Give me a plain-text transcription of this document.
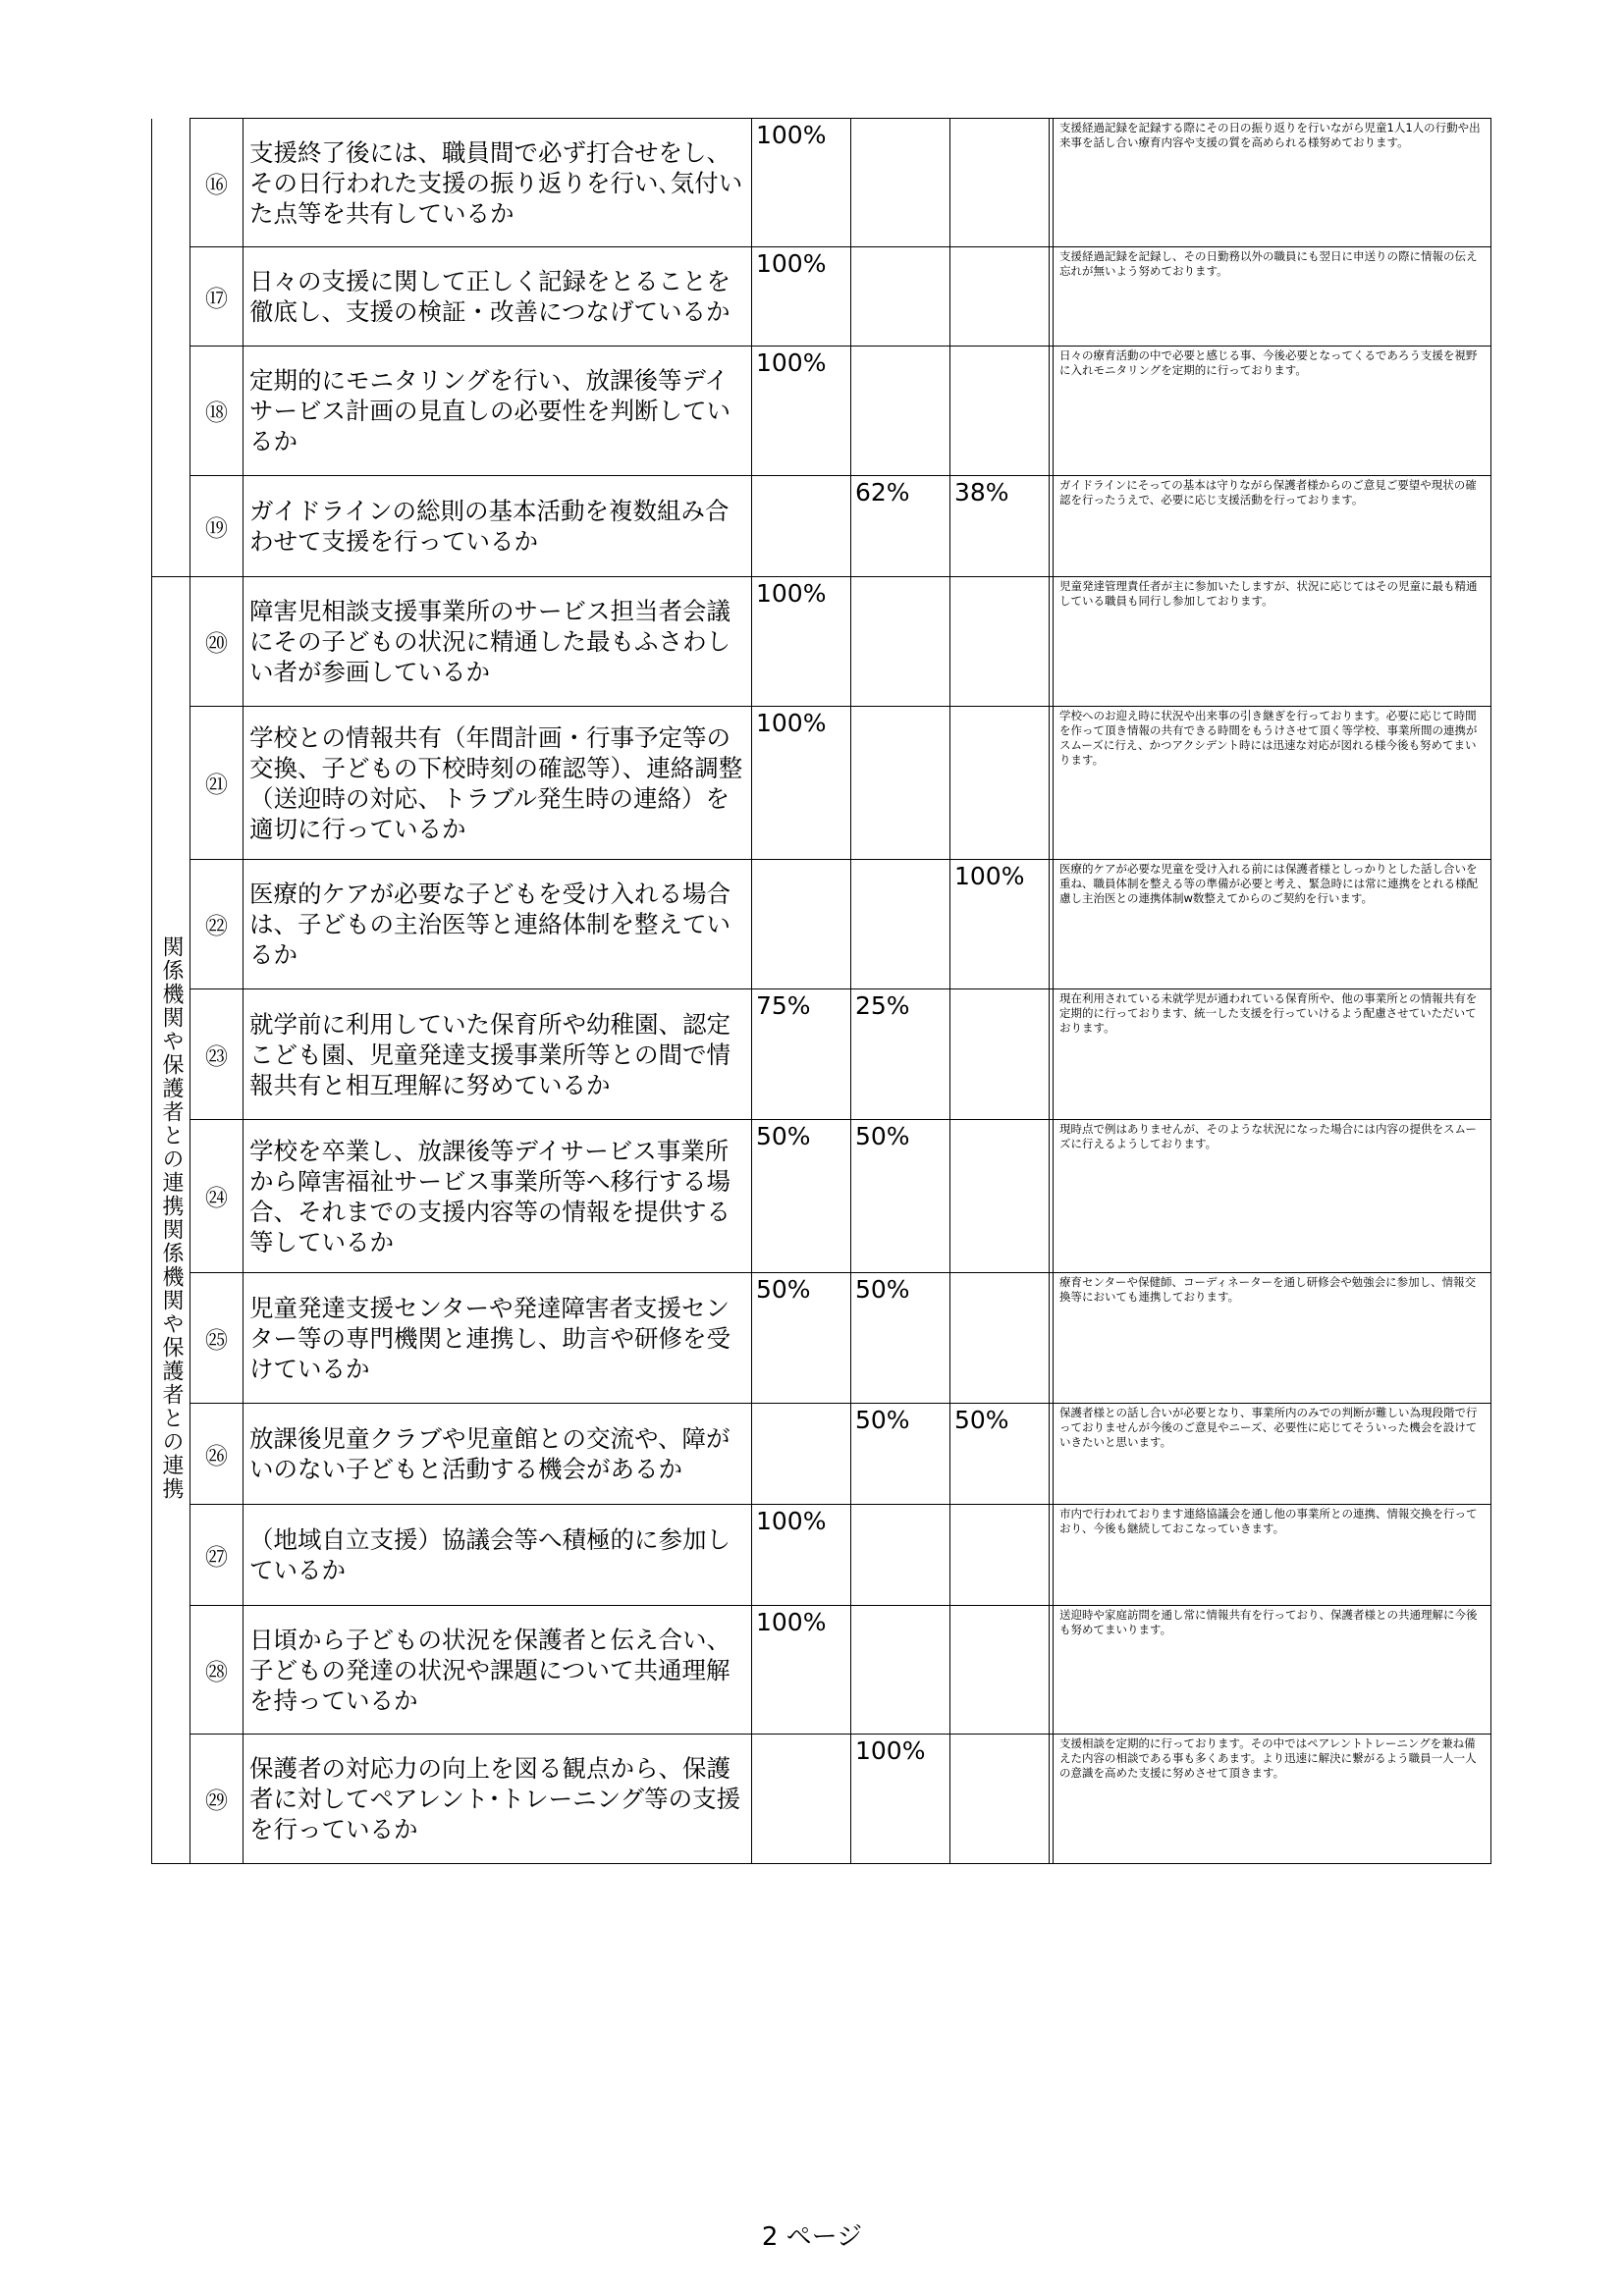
	⑯	支援終了後には、職員間で必ず打合せをし、その日行われた支援の振り返りを行い､気付いた点等を共有しているか	100%				支援経過記録を記録する際にその日の振り返りを行いながら児童1人1人の行動や出来事を話し合い療育内容や支援の質を高められる様努めております。
	⑰	日々の支援に関して正しく記録をとることを徹底し、支援の検証・改善につなげているか	100%				支援経過記録を記録し、その日勤務以外の職員にも翌日に申送りの際に情報の伝え忘れが無いよう努めております。
	⑱	定期的にモニタリングを行い、放課後等デイサービス計画の見直しの必要性を判断しているか	100%				日々の療育活動の中で必要と感じる事、今後必要となってくるであろう支援を視野に入れモニタリングを定期的に行っております。
	⑲	ガイドラインの総則の基本活動を複数組み合わせて支援を行っているか		62%	38%		ガイドラインにそっての基本は守りながら保護者様からのご意見ご要望や現状の確認を行ったうえで、必要に応じ支援活動を行っております。
関係機関や保護者との連携関係機関や保護者との連携	⑳	障害児相談支援事業所のサービス担当者会議にその子どもの状況に精通した最もふさわしい者が参画しているか	100%				児童発達管理責任者が主に参加いたしますが、状況に応じてはその児童に最も精通している職員も同行し参加しております。
	㉑	学校との情報共有（年間計画・行事予定等の交換、子どもの下校時刻の確認等）、連絡調整（送迎時の対応、トラブル発生時の連絡）を適切に行っているか	100%				学校へのお迎え時に状況や出来事の引き継ぎを行っております。必要に応じて時間を作って頂き情報の共有できる時間をもうけさせて頂く等学校、事業所間の連携がスムーズに行え、かつアクシデント時には迅速な対応が図れる様今後も努めてまいります。
	㉒	医療的ケアが必要な子どもを受け入れる場合は、子どもの主治医等と連絡体制を整えているか			100%		医療的ケアが必要な児童を受け入れる前には保護者様としっかりとした話し合いを重ね、職員体制を整える等の準備が必要と考え、緊急時には常に連携をとれる様配慮し主治医との連携体制w数整えてからのご契約を行います。
	㉓	就学前に利用していた保育所や幼稚園、認定こども園、児童発達支援事業所等との間で情報共有と相互理解に努めているか	75%	25%			現在利用されている未就学児が通われている保育所や、他の事業所との情報共有を定期的に行っております、統一した支援を行っていけるよう配慮させていただいております。
	㉔	学校を卒業し、放課後等デイサービス事業所から障害福祉サービス事業所等へ移行する場合、それまでの支援内容等の情報を提供する等しているか	50%	50%			現時点で例はありませんが、そのような状況になった場合には内容の提供をスムーズに行えるようしております。
	㉕	児童発達支援センターや発達障害者支援センター等の専門機関と連携し、助言や研修を受けているか	50%	50%			療育センターや保健師、コーディネーターを通し研修会や勉強会に参加し、情報交換等においても連携しております。
	㉖	放課後児童クラブや児童館との交流や、障がいのない子どもと活動する機会があるか		50%	50%		保護者様との話し合いが必要となり、事業所内のみでの判断が難しい為現段階で行っておりませんが今後のご意見やニーズ、必要性に応じてそういった機会を設けていきたいと思います。
	㉗	（地域自立支援）協議会等へ積極的に参加しているか	100%				市内で行われております連絡協議会を通し他の事業所との連携、情報交換を行っており、今後も継続しておこなっていきます。
	㉘	日頃から子どもの状況を保護者と伝え合い、子どもの発達の状況や課題について共通理解を持っているか	100%				送迎時や家庭訪問を通し常に情報共有を行っており、保護者様との共通理解に今後も努めてまいります。
	㉙	保護者の対応力の向上を図る観点から、保護者に対してペアレント･トレーニング等の支援を行っているか		100%			支援相談を定期的に行っております。その中ではペアレントトレーニングを兼ね備えた内容の相談である事も多くあます。より迅速に解決に繋がるよう職員一人一人の意識を高めた支援に努めさせて頂きます。
2 ページ
